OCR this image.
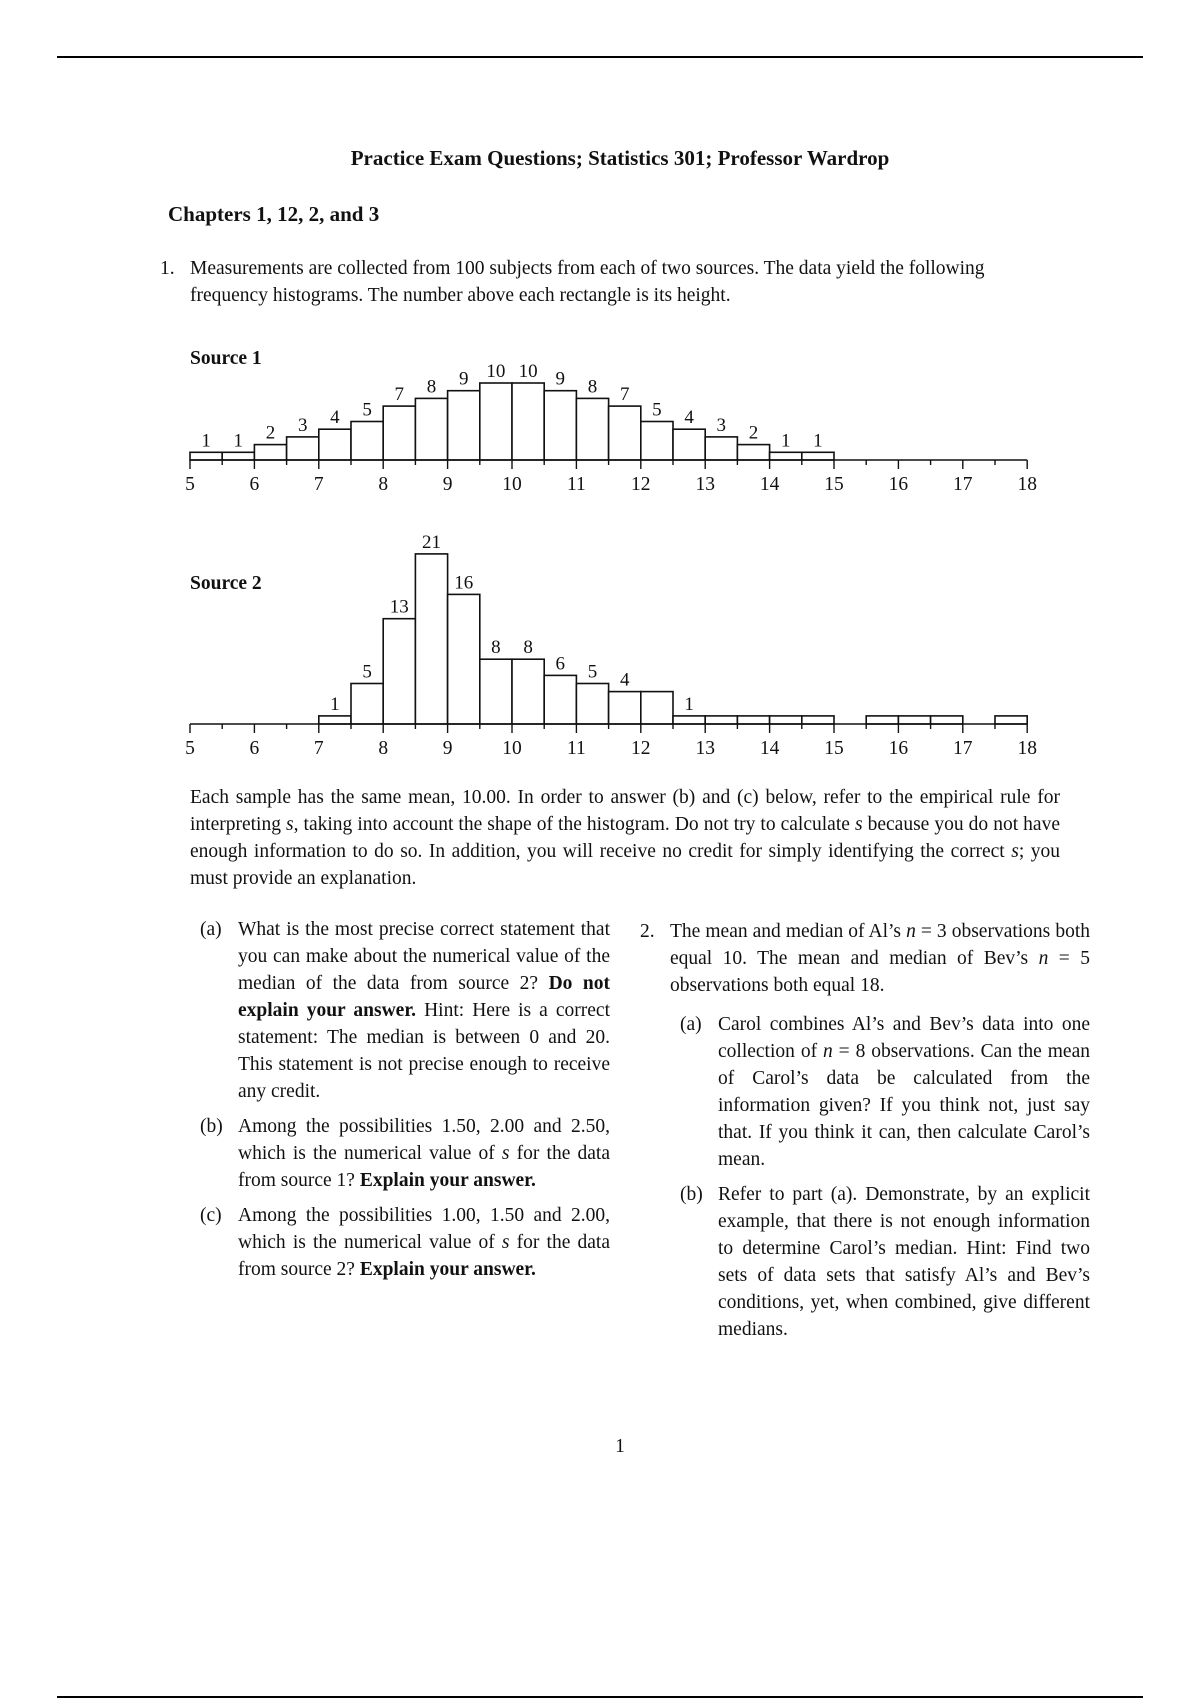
Practice Exam Questions; Statistics 301; Professor Wardrop
Chapters 1, 12, 2, and 3
1. Measurements are collected from 100 subjects from each of two sources. The data yield the following frequency histograms. The number above each rectangle is its height.
Source 1
1 1 2 3 4 5
7 8 9 10 10 9 8 7
5 4 3 2 1 1
5	6	7	8	9	10 11 12 13 14 15 16 17 18
Source 2
1
5
13
21
16
8 8
6 5 4
1
5	6	7	8	9	10 11 12 13 14 15 16 17 18
Each sample has the same mean, 10.00. In order to answer (b) and (c) below, refer to the empirical rule for interpreting s, taking into account the shape of the histogram. Do not try to calculate s because you do not have enough information to do so. In addition, you will receive no credit for simply identifying the correct s; you must provide an explanation.
(a) What is the most precise correct statement that you can make about the numerical value of the median of the data from source 2? Do not explain your answer. Hint: Here is a correct statement: The median is between 0 and 20. This statement is not precise enough to receive any credit.
(b) Among the possibilities 1.50, 2.00 and 2.50, which is the numerical value of s for the data from source 1? Explain your answer.
(c) Among the possibilities 1.00, 1.50 and 2.00, which is the numerical value of s for the data from source 2? Explain your answer.
2. The mean and median of Al’s n = 3 observations both equal 10. The mean and median of Bev’s n = 5 observations both equal 18.
(a) Carol combines Al’s and Bev’s data into one collection of n = 8 observations. Can the mean of Carol’s data be calculated from the information given? If you think not, just say that. If you think it can, then calculate Carol’s mean.
(b) Refer to part (a). Demonstrate, by an explicit example, that there is not enough information to determine Carol’s median. Hint: Find two sets of data sets that satisfy Al’s and Bev’s conditions, yet, when combined, give different medians.
1
